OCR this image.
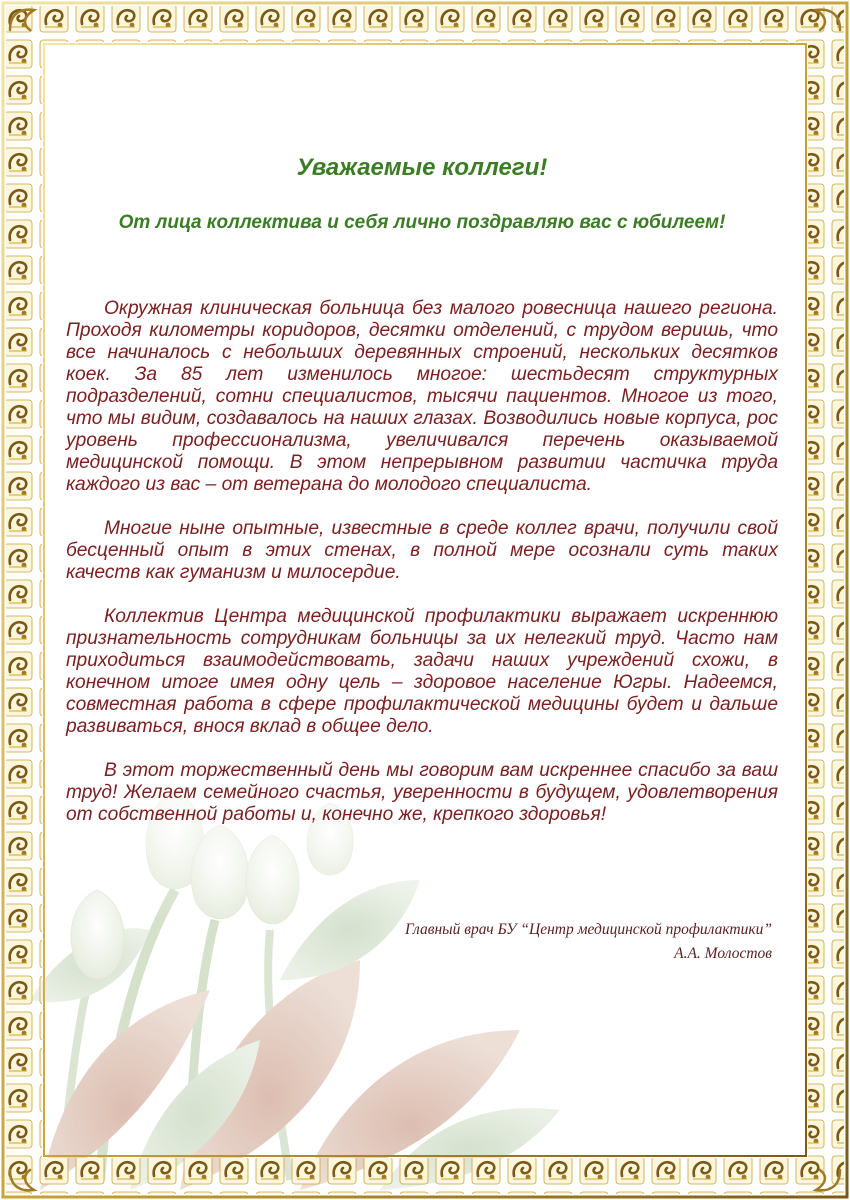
Уважаемые коллеги!
От лица коллектива и себя лично поздравляю вас с юбилеем!

Окружная клиническая больница без малого ровесница нашего региона. Проходя километры коридоров, десятки отделений, с трудом веришь, что все начиналось с небольших деревянных строений, нескольких десятков коек. За 85 лет изменилось многое: шестьдесят структурных подразделений, сотни специалистов, тысячи пациентов. Многое из того, что мы видим, создавалось на наших глазах. Возводились новые корпуса, рос уровень профессионализма, увеличивался перечень оказываемой медицинской помощи. В этом непрерывном развитии частичка труда каждого из вас – от ветерана до молодого специалиста.

Многие ныне опытные, известные в среде коллег врачи, получили свой бесценный опыт в этих стенах, в полной мере осознали суть таких качеств как гуманизм и милосердие.

Коллектив Центра медицинской профилактики выражает искреннюю признательность сотрудникам больницы за их нелегкий труд. Часто нам приходиться взаимодействовать, задачи наших учреждений схожи, в конечном итоге имея одну цель – здоровое население Югры. Надеемся, совместная работа в сфере профилактической медицины будет и дальше развиваться, внося вклад в общее дело.

В этот торжественный день мы говорим вам искреннее спасибо за ваш труд! Желаем семейного счастья, уверенности в будущем, удовлетворения от собственной работы и, конечно же, крепкого здоровья!

Главный врач БУ “Центр медицинской профилактики”
А.А. Молостов
